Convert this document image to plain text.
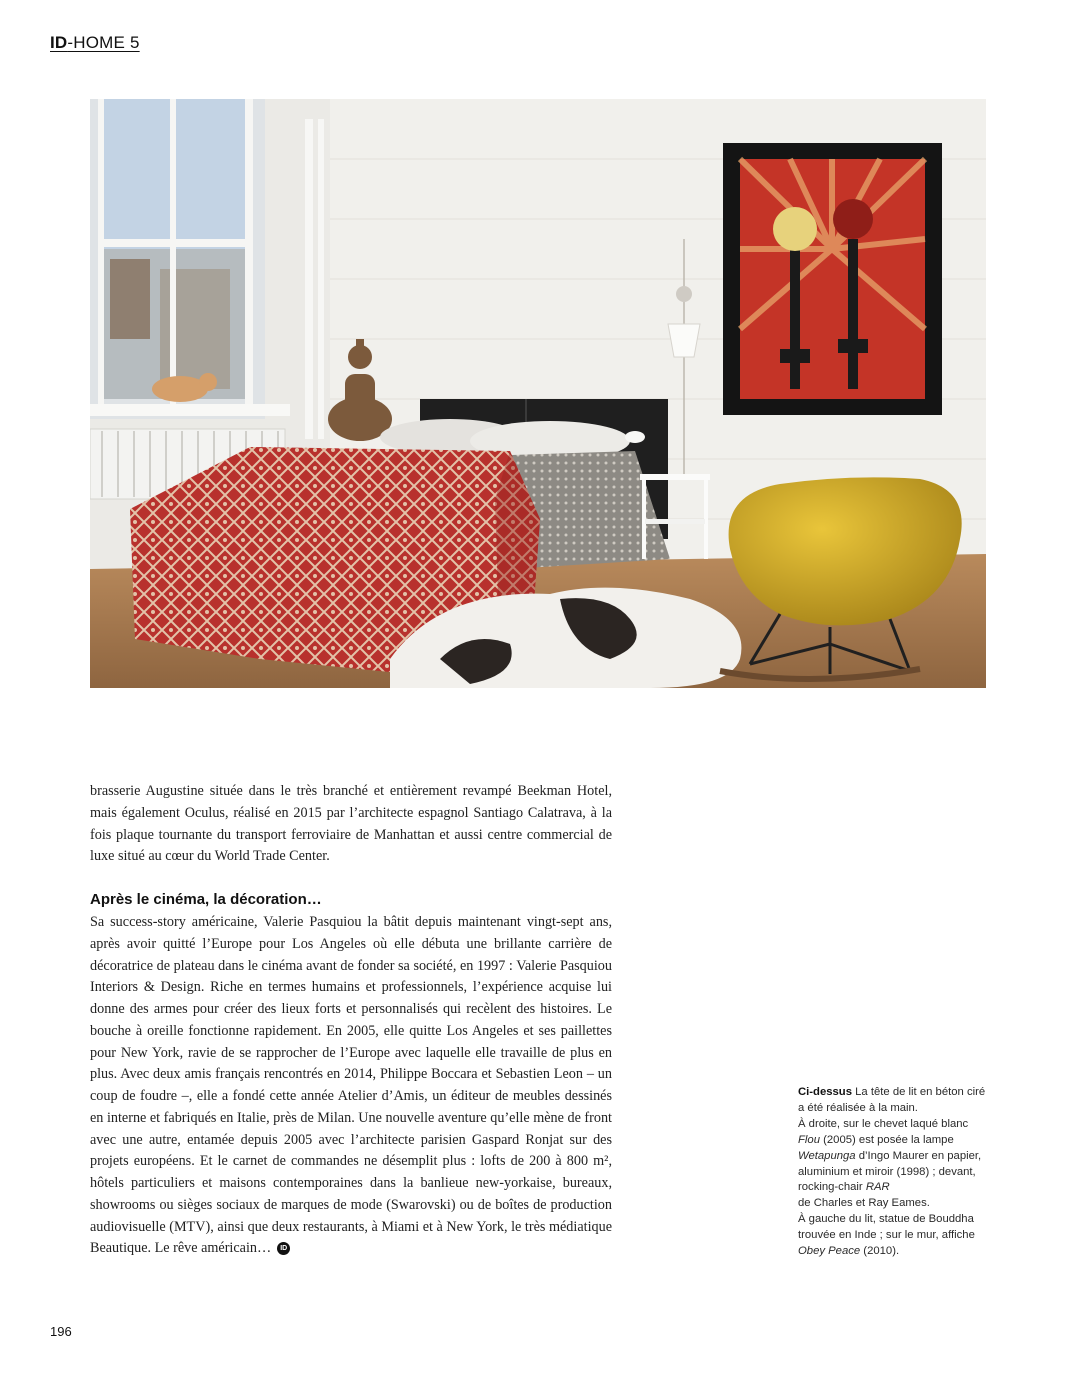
ID-HOME 5

brasserie Augustine située dans le très branché et entièrement revampé Beekman Hotel, mais également Oculus, réalisé en 2015 par l’architecte espagnol Santiago Calatrava, à la fois plaque tournante du transport ferroviaire de Manhattan et aussi centre commercial de luxe situé au cœur du World Trade Center.

Après le cinéma, la décoration…

Sa success-story américaine, Valerie Pasquiou la bâtit depuis maintenant vingt-sept ans, après avoir quitté l’Europe pour Los Angeles où elle débuta une brillante carrière de décoratrice de plateau dans le cinéma avant de fonder sa société, en 1997 : Valerie Pasquiou Interiors & Design. Riche en termes humains et professionnels, l’expérience acquise lui donne des armes pour créer des lieux forts et personnalisés qui recèlent des histoires. Le bouche à oreille fonctionne rapidement. En 2005, elle quitte Los Angeles et ses paillettes pour New York, ravie de se rapprocher de l’Europe avec laquelle elle travaille de plus en plus. Avec deux amis français rencontrés en 2014, Philippe Boccara et Sebastien Leon – un coup de foudre –, elle a fondé cette année Atelier d’Amis, un éditeur de meubles dessinés en interne et fabriqués en Italie, près de Milan. Une nouvelle aventure qu’elle mène de front avec une autre, entamée depuis 2005 avec l’architecte parisien Gaspard Ronjat sur des projets européens. Et le carnet de commandes ne désemplit plus : lofts de 200 à 800 m², hôtels particuliers et maisons contemporaines dans la banlieue new-yorkaise, bureaux, showrooms ou sièges sociaux de marques de mode (Swarovski) ou de boîtes de production audiovisuelle (MTV), ainsi que deux restaurants, à Miami et à New York, le très médiatique Beautique. Le rêve américain… ID

Ci-dessus La tête de lit en béton ciré a été réalisée à la main.

À droite, sur le chevet laqué blanc Flou (2005) est posée la lampe Wetapunga d’Ingo Maurer en papier, aluminium et miroir (1998) ; devant, rocking-chair RAR

de Charles et Ray Eames.

À gauche du lit, statue de Bouddha trouvée en Inde ; sur le mur, affiche Obey Peace (2010).

196
